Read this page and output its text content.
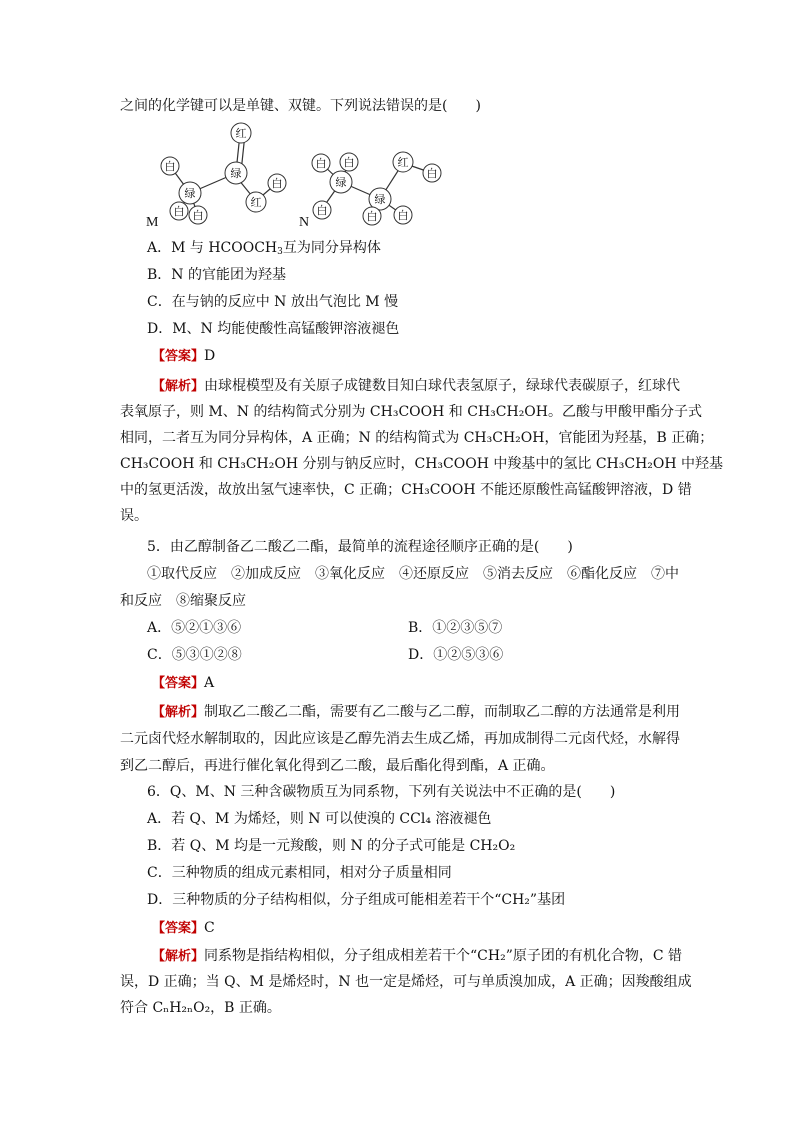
之间的化学键可以是单键、双键。下列说法错误的是(　　)
白
绿
白 白
绿
红
红
白
白 白
绿
白
绿
白 白
红
白
M	N
A．M 与 $HCOOCH_3$互为同分异构体
B．N 的官能团为羟基
C．在与钠的反应中 N 放出气泡比 M 慢
D．M、N 均能使酸性高锰酸钾溶液褪色
【答案】D
【解析】由球棍模型及有关原子成键数目知白球代表氢原子，绿球代表碳原子，红球代
表氧原子，则 M、N 的结构简式分别为 CH₃COOH 和 CH₃CH₂OH。乙酸与甲酸甲酯分子式
相同，二者互为同分异构体，A 正确；N 的结构简式为 CH₃CH₂OH，官能团为羟基，B 正确；
CH₃COOH 和 CH₃CH₂OH 分别与钠反应时，CH₃COOH 中羧基中的氢比 CH₃CH₂OH 中羟基
中的氢更活泼，故放出氢气速率快，C 正确；CH₃COOH 不能还原酸性高锰酸钾溶液，D 错
误。
5．由乙醇制备乙二酸乙二酯，最简单的流程途径顺序正确的是(　　)
①取代反应　②加成反应　③氧化反应　④还原反应　⑤消去反应　⑥酯化反应　⑦中
和反应　⑧缩聚反应
A．⑤②①③⑥	B．①②③⑤⑦
C．⑤③①②⑧	D．①②⑤③⑥
【答案】A
【解析】制取乙二酸乙二酯，需要有乙二酸与乙二醇，而制取乙二醇的方法通常是利用
二元卤代烃水解制取的，因此应该是乙醇先消去生成乙烯，再加成制得二元卤代烃，水解得
到乙二醇后，再进行催化氧化得到乙二酸，最后酯化得到酯，A 正确。
6．Q、M、N 三种含碳物质互为同系物，下列有关说法中不正确的是(　　)
A．若 Q、M 为烯烃，则 N 可以使溴的 CCl₄ 溶液褪色
B．若 Q、M 均是一元羧酸，则 N 的分子式可能是 CH₂O₂
C．三种物质的组成元素相同，相对分子质量相同
D．三种物质的分子结构相似，分子组成可能相差若干个“CH₂”基团
【答案】C
【解析】同系物是指结构相似，分子组成相差若干个“CH₂”原子团的有机化合物，C 错
误，D 正确；当 Q、M 是烯烃时，N 也一定是烯烃，可与单质溴加成，A 正确；因羧酸组成
符合 CₙH₂ₙO₂，B 正确。
